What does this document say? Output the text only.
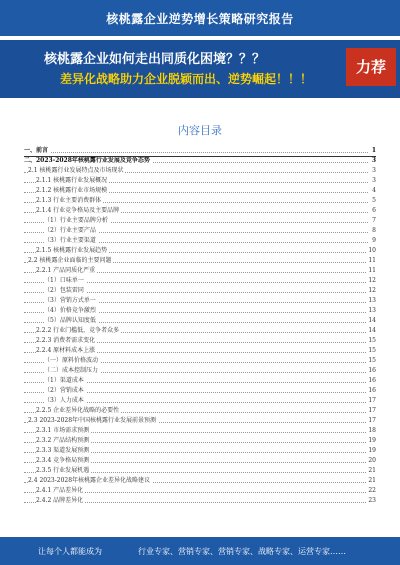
核桃露企业逆势增长策略研究报告
核桃露企业如何走出同质化困境？？？
差异化战略助力企业脱颖而出、逆势崛起！！！
力荐
内容目录
一、前言	1
二、2023-2028年核桃露行业发展及竞争态势	3
2.1 核桃露行业发展特点及市场现状	3
2.1.1 核桃露行业发展概况	3
2.1.2 核桃露行业市场规模	4
2.1.3 行业主要消费群体	5
2.1.4 行业竞争格局及主要品牌	6
（1）行业主要品牌分析	7
（2）行业主要产品	8
（3）行业主要渠道	9
2.1.5 核桃露行业发展趋势	10
2.2 核桃露企业面临的主要问题	11
2.2.1 产品同质化严重	11
（1）口味单一	12
（2）包装雷同	12
（3）营销方式单一	13
（4）价格竞争激烈	13
（5）品牌认知度低	14
2.2.2 行业门槛低，竞争者众多	14
2.2.3 消费者需求变化	15
2.2.4 原材料成本上涨	15
（一）原料价格波动	15
（二）成本控制压力	16
（1）渠道成本	16
（2）营销成本	16
（3）人力成本	17
2.2.5 企业差异化战略的必要性	17
2.3 2023-2028年中国核桃露行业发展前景预测	17
2.3.1 市场需求预测	18
2.3.2 产品结构预测	19
2.3.3 渠道发展预测	19
2.3.4 竞争格局预测	20
2.3.5 行业发展机遇	21
2.4 2023-2028年核桃露企业差异化战略建议	21
2.4.1 产品差异化	22
2.4.2 品牌差异化	23
让每个人都能成为	行业专家、营销专家、营销专家、战略专家、运营专家……
